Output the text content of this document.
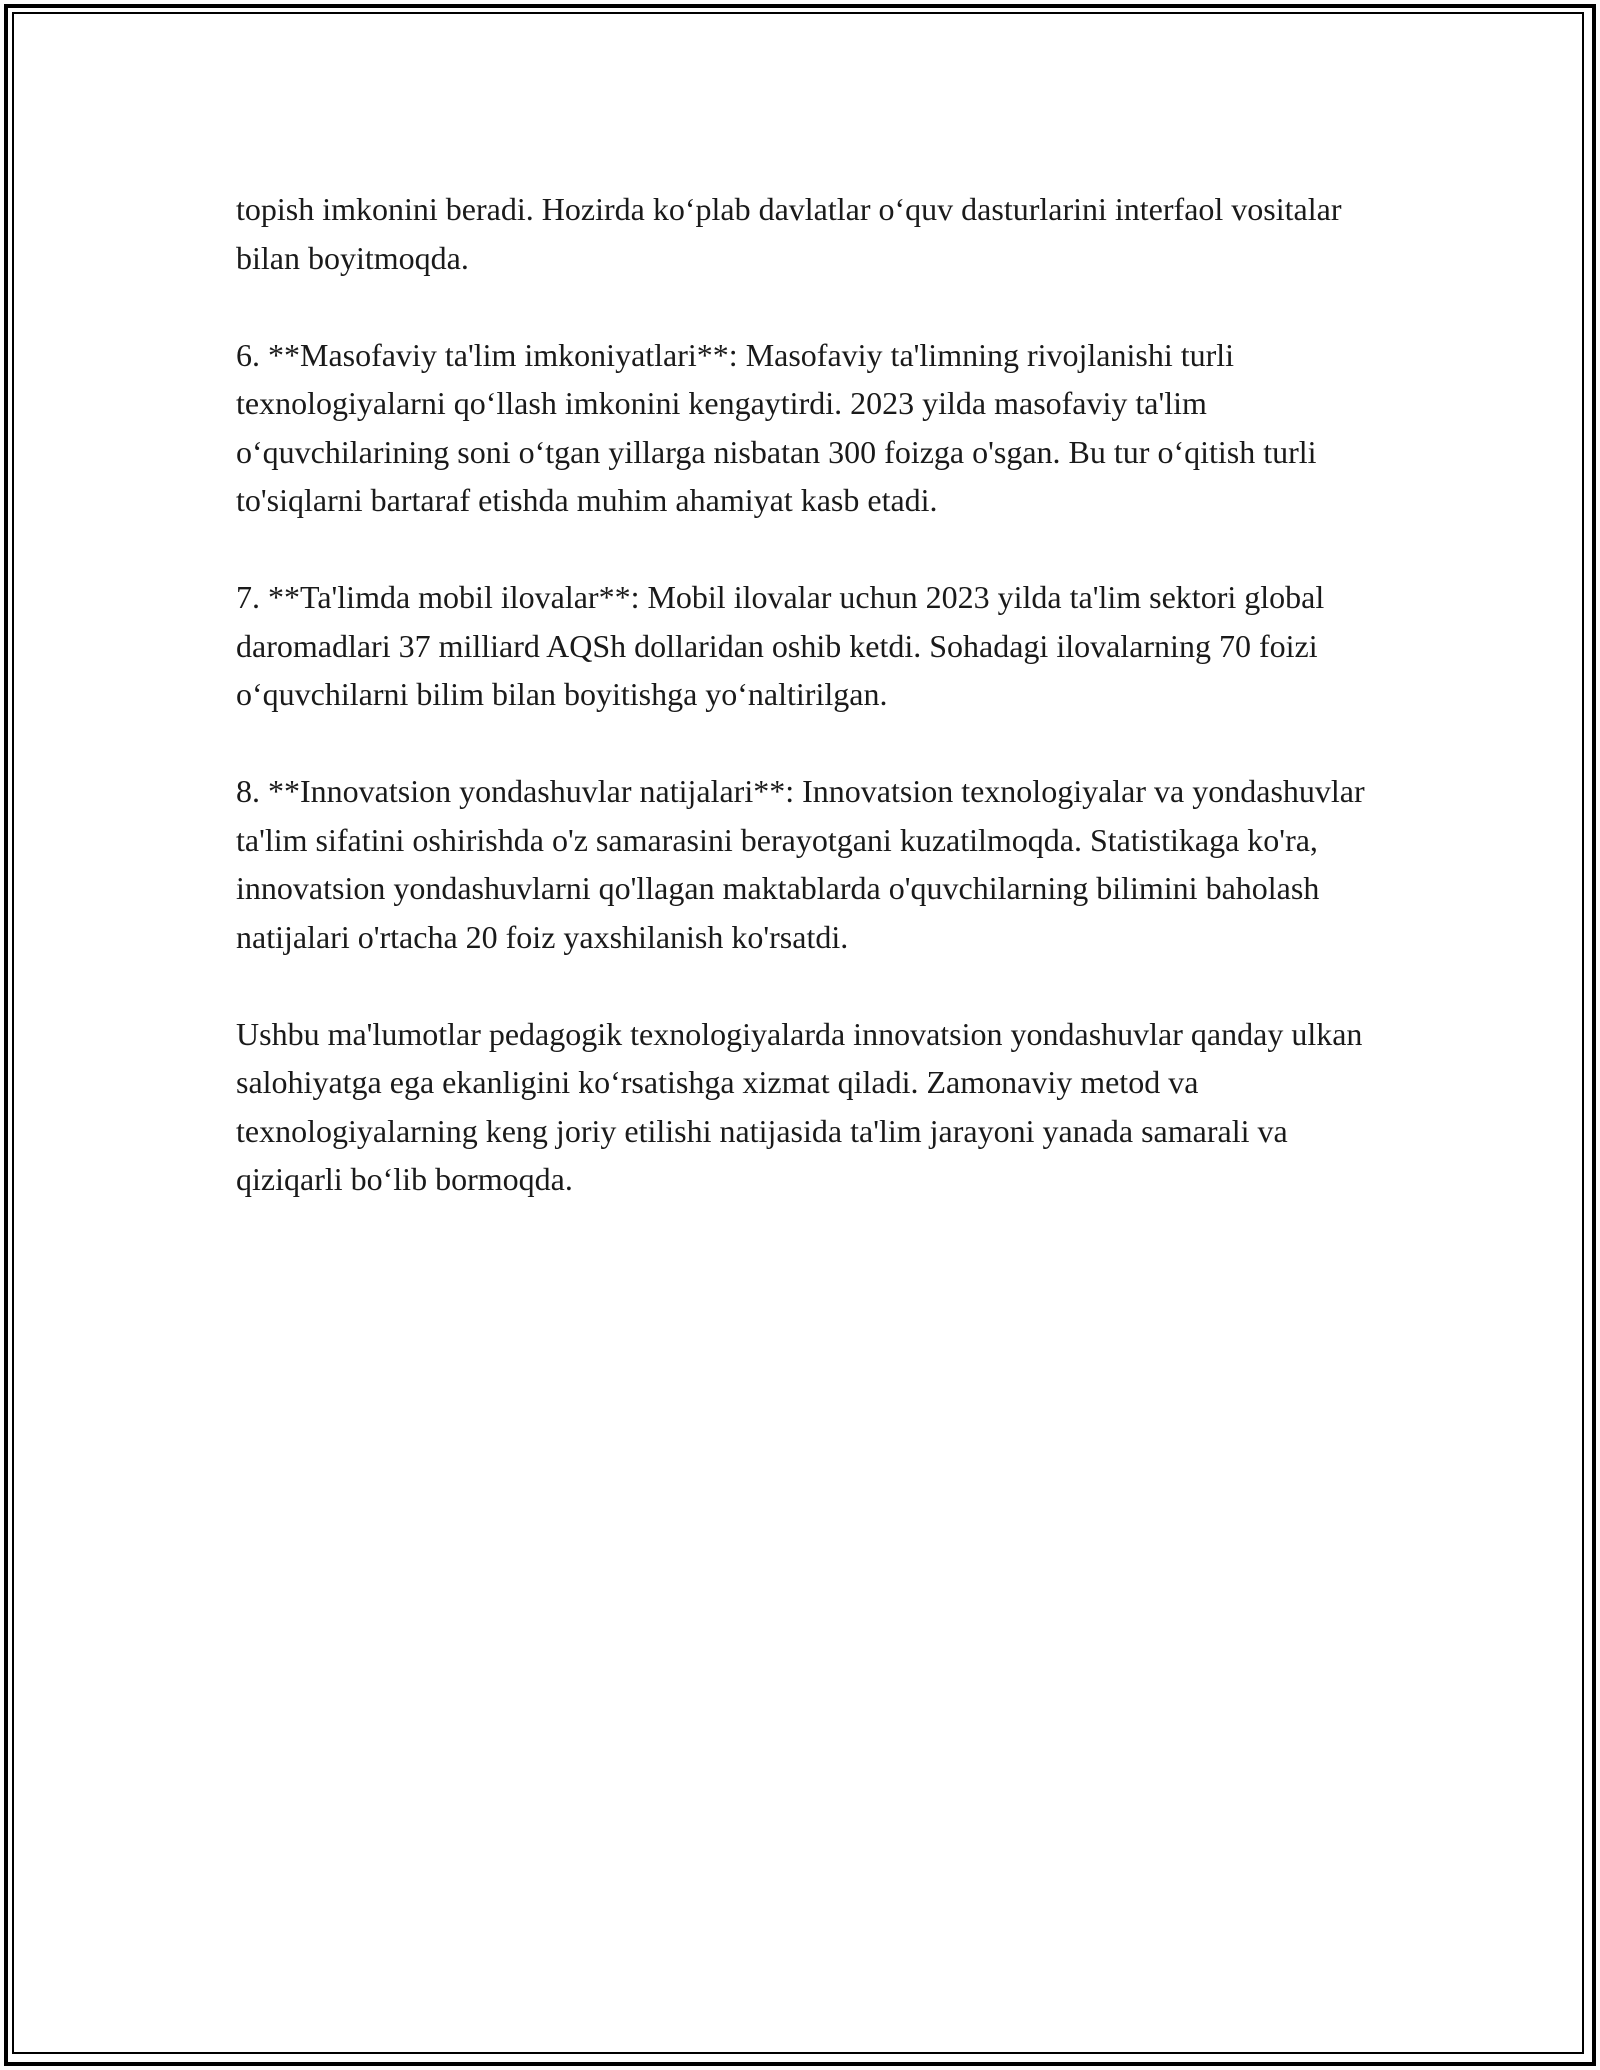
topish imkonini beradi. Hozirda ko‘plab davlatlar o‘quv dasturlarini interfaol vositalar bilan boyitmoqda.

6. **Masofaviy ta'lim imkoniyatlari**: Masofaviy ta'limning rivojlanishi turli texnologiyalarni qo‘llash imkonini kengaytirdi. 2023 yilda masofaviy ta'lim o‘quvchilarining soni o‘tgan yillarga nisbatan 300 foizga o'sgan. Bu tur o‘qitish turli to'siqlarni bartaraf etishda muhim ahamiyat kasb etadi.

7. **Ta'limda mobil ilovalar**: Mobil ilovalar uchun 2023 yilda ta'lim sektori global daromadlari 37 milliard AQSh dollaridan oshib ketdi. Sohadagi ilovalarning 70 foizi o‘quvchilarni bilim bilan boyitishga yo‘naltirilgan.

8. **Innovatsion yondashuvlar natijalari**: Innovatsion texnologiyalar va yondashuvlar ta'lim sifatini oshirishda o'z samarasini berayotgani kuzatilmoqda. Statistikaga ko'ra, innovatsion yondashuvlarni qo'llagan maktablarda o'quvchilarning bilimini baholash natijalari o'rtacha 20 foiz yaxshilanish ko'rsatdi.

Ushbu ma'lumotlar pedagogik texnologiyalarda innovatsion yondashuvlar qanday ulkan salohiyatga ega ekanligini ko‘rsatishga xizmat qiladi. Zamonaviy metod va texnologiyalarning keng joriy etilishi natijasida ta'lim jarayoni yanada samarali va qiziqarli bo‘lib bormoqda.
